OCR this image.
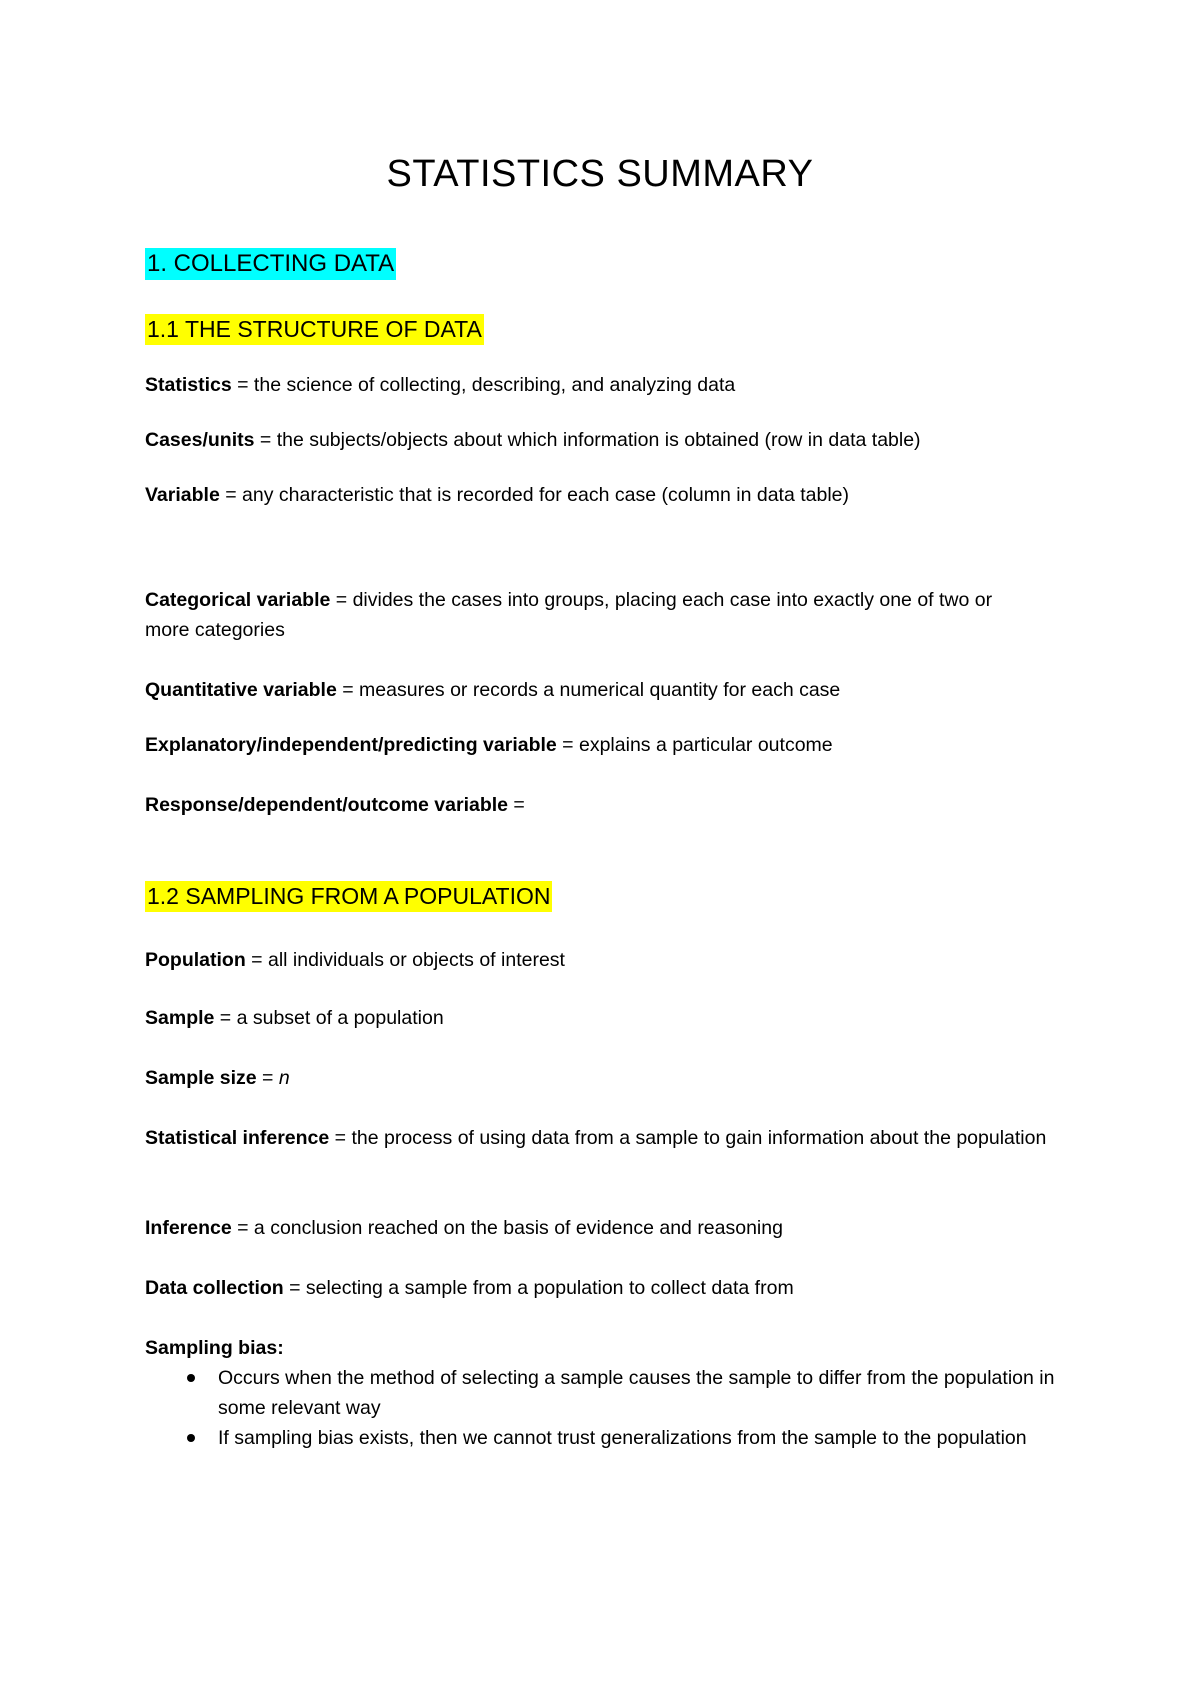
STATISTICS SUMMARY
1. COLLECTING DATA
1.1 THE STRUCTURE OF DATA

Statistics = the science of collecting, describing, and analyzing data

Cases/units = the subjects/objects about which information is obtained (row in data table)

Variable = any characteristic that is recorded for each case (column in data table)

Categorical variable = divides the cases into groups, placing each case into exactly one of two or more categories

Quantitative variable = measures or records a numerical quantity for each case

Explanatory/independent/predicting variable = explains a particular outcome

Response/dependent/outcome variable =

1.2 SAMPLING FROM A POPULATION

Population = all individuals or objects of interest

Sample = a subset of a population

Sample size = n

Statistical inference = the process of using data from a sample to gain information about the population

Inference = a conclusion reached on the basis of evidence and reasoning

Data collection = selecting a sample from a population to collect data from

Sampling bias:

Occurs when the method of selecting a sample causes the sample to differ from the population in some relevant way
If sampling bias exists, then we cannot trust generalizations from the sample to the population
